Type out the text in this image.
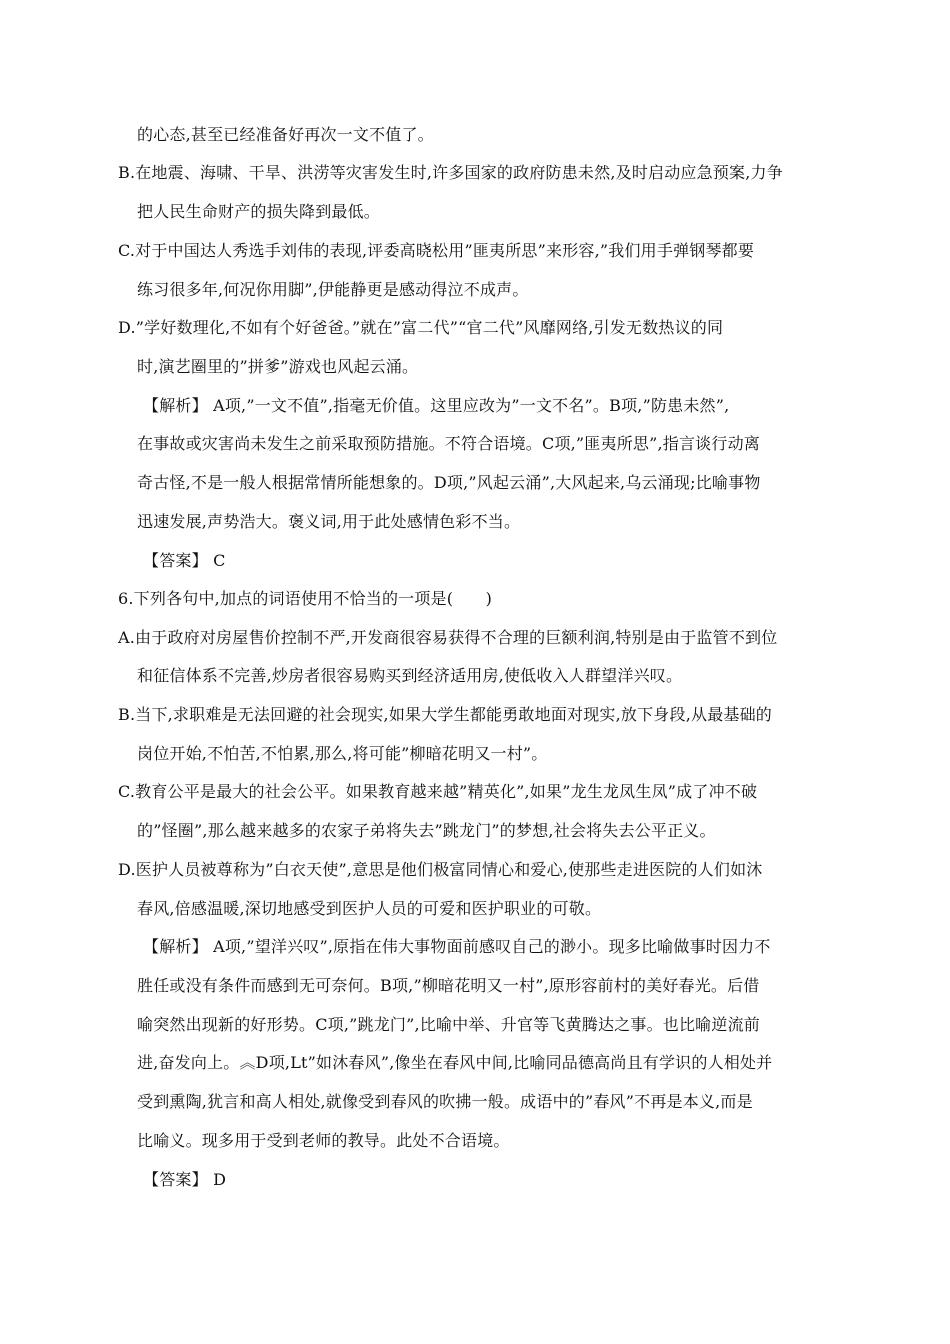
的心态,甚至已经准备好再次一文不值了。

B.在地震、海啸、干旱、洪涝等灾害发生时,许多国家的政府防患未然,及时启动应急预案,力争

把人民生命财产的损失降到最低。

C.对于中国达人秀选手刘伟的表现,评委高晓松用”匪夷所思”来形容,”我们用手弹钢琴都要

练习很多年,何况你用脚”,伊能静更是感动得泣不成声。

D.”学好数理化,不如有个好爸爸。”就在”富二代”“官二代”风靡网络,引发无数热议的同

时,演艺圈里的”拼爹”游戏也风起云涌。

【解析】 A项,”一文不值”,指毫无价值。这里应改为”一文不名”。B项,”防患未然”,

在事故或灾害尚未发生之前采取预防措施。不符合语境。C项,”匪夷所思”,指言谈行动离

奇古怪,不是一般人根据常情所能想象的。D项,”风起云涌”,大风起来,乌云涌现;比喻事物

迅速发展,声势浩大。褒义词,用于此处感情色彩不当。

【答案】 C

6.下列各句中,加点的词语使用不恰当的一项是(　　)

A.由于政府对房屋售价控制不严,开发商很容易获得不合理的巨额利润,特别是由于监管不到位

和征信体系不完善,炒房者很容易购买到经济适用房,使低收入人群望洋兴叹。

B.当下,求职难是无法回避的社会现实,如果大学生都能勇敢地面对现实,放下身段,从最基础的

岗位开始,不怕苦,不怕累,那么,将可能”柳暗花明又一村”。

C.教育公平是最大的社会公平。如果教育越来越”精英化”,如果”龙生龙凤生凤”成了冲不破

的”怪圈”,那么越来越多的农家子弟将失去”跳龙门”的梦想,社会将失去公平正义。

D.医护人员被尊称为”白衣天使”,意思是他们极富同情心和爱心,使那些走进医院的人们如沐

春风,倍感温暖,深切地感受到医护人员的可爱和医护职业的可敬。

【解析】 A项,”望洋兴叹”,原指在伟大事物面前感叹自己的渺小。现多比喻做事时因力不

胜任或没有条件而感到无可奈何。B项,”柳暗花明又一村”,原形容前村的美好春光。后借

喻突然出现新的好形势。C项,”跳龙门”,比喻中举、升官等飞黄腾达之事。也比喻逆流前

进,奋发向上。︽D项,Lt”如沐春风”,像坐在春风中间,比喻同品德高尚且有学识的人相处并

受到熏陶,犹言和高人相处,就像受到春风的吹拂一般。成语中的”春风”不再是本义,而是

比喻义。现多用于受到老师的教导。此处不合语境。

【答案】 D
